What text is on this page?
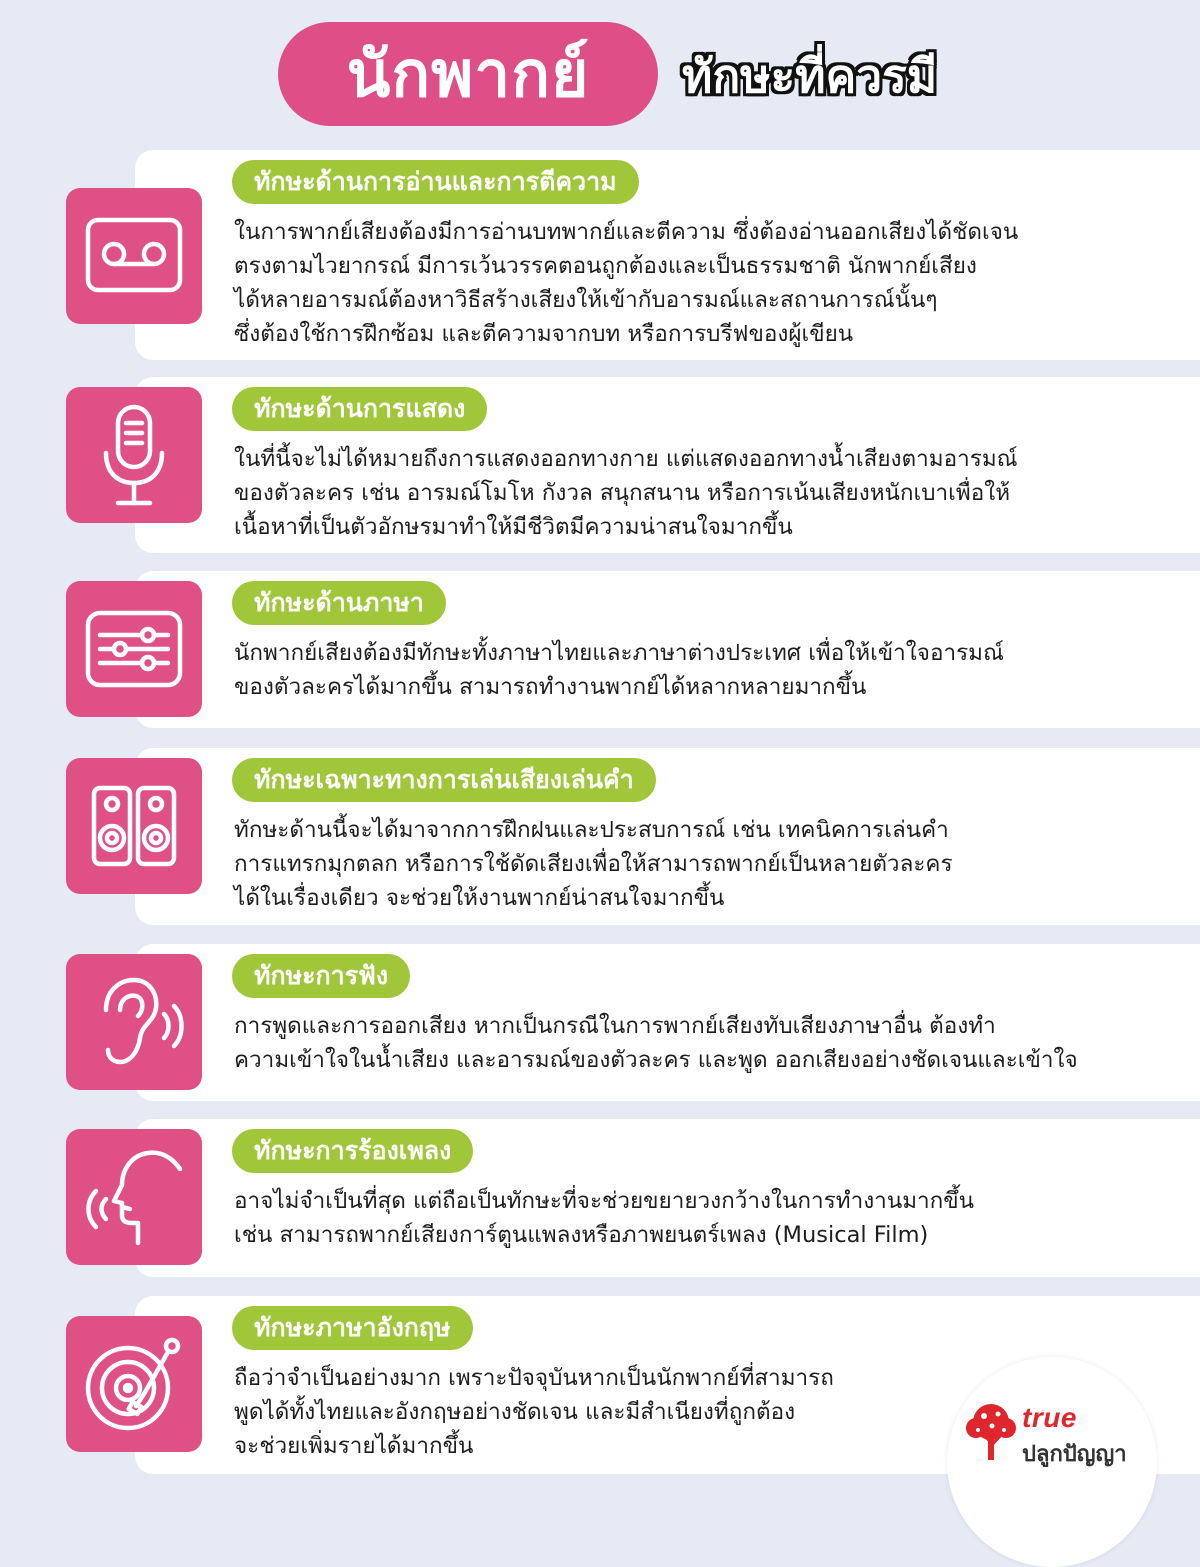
นักพากย์	ทักษะที่ควรมี
ทักษะด้านการอ่านและการตีความ
ในการพากย์เสียงต้องมีการอ่านบทพากย์และตีความ ซึ่งต้องอ่านออกเสียงได้ชัดเจน
ตรงตามไวยากรณ์ มีการเว้นวรรคตอนถูกต้องและเป็นธรรมชาติ นักพากย์เสียง
ได้หลายอารมณ์ต้องหาวิธีสร้างเสียงให้เข้ากับอารมณ์และสถานการณ์นั้นๆ
ซึ่งต้องใช้การฝึกซ้อม และตีความจากบท หรือการบรีฟของผู้เขียน
ทักษะด้านการแสดง
ในที่นี้จะไม่ได้หมายถึงการแสดงออกทางกาย แต่แสดงออกทางน้ำเสียงตามอารมณ์
ของตัวละคร เช่น อารมณ์โมโห กังวล สนุกสนาน หรือการเน้นเสียงหนักเบาเพื่อให้
เนื้อหาที่เป็นตัวอักษรมาทำให้มีชีวิตมีความน่าสนใจมากขึ้น
ทักษะด้านภาษา
นักพากย์เสียงต้องมีทักษะทั้งภาษาไทยและภาษาต่างประเทศ เพื่อให้เข้าใจอารมณ์
ของตัวละครได้มากขึ้น สามารถทำงานพากย์ได้หลากหลายมากขึ้น
ทักษะเฉพาะทางการเล่นเสียงเล่นคำ
ทักษะด้านนี้จะได้มาจากการฝึกฝนและประสบการณ์ เช่น เทคนิคการเล่นคำ
การแทรกมุกตลก หรือการใช้ดัดเสียงเพื่อให้สามารถพากย์เป็นหลายตัวละคร
ได้ในเรื่องเดียว จะช่วยให้งานพากย์น่าสนใจมากขึ้น
ทักษะการฟัง
การพูดและการออกเสียง หากเป็นกรณีในการพากย์เสียงทับเสียงภาษาอื่น ต้องทำ
ความเข้าใจในน้ำเสียง และอารมณ์ของตัวละคร และพูด ออกเสียงอย่างชัดเจนและเข้าใจ
ทักษะการร้องเพลง
อาจไม่จำเป็นที่สุด แต่ถือเป็นทักษะที่จะช่วยขยายวงกว้างในการทำงานมากขึ้น
เช่น สามารถพากย์เสียงการ์ตูนแพลงหรือภาพยนตร์เพลง (Musical Film)
ทักษะภาษาอังกฤษ
ถือว่าจำเป็นอย่างมาก เพราะปัจจุบันหากเป็นนักพากย์ที่สามารถ
พูดได้ทั้งไทยและอังกฤษอย่างชัดเจน และมีสำเนียงที่ถูกต้อง
จะช่วยเพิ่มรายได้มากขึ้น
true
ปลูกปัญญา
